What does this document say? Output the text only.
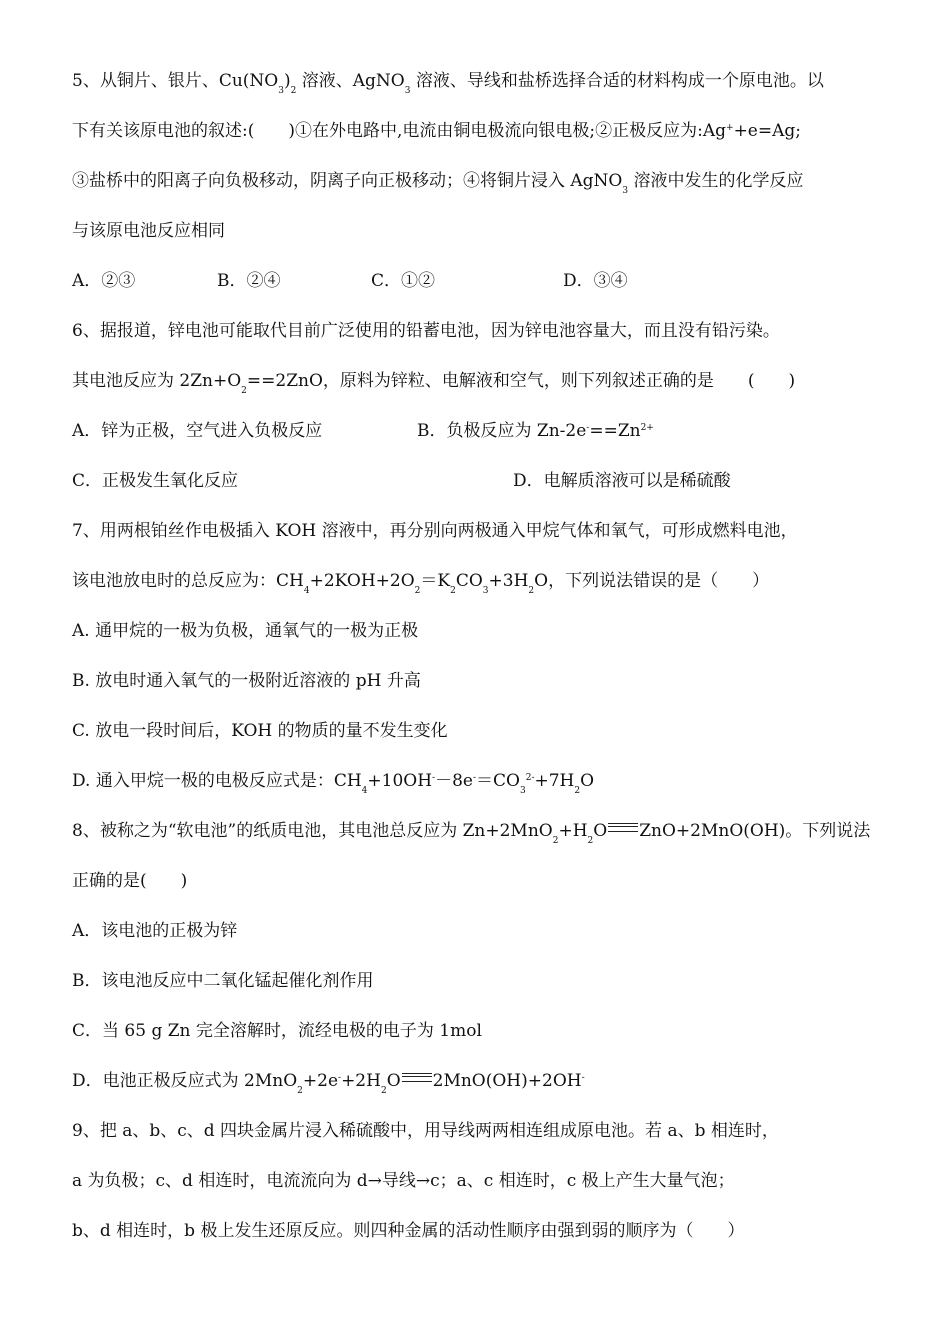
5、从铜片、银片、$Cu(NO_3)_2$ 溶液、AgNO$_3$ 溶液、导线和盐桥选择合适的材料构成一个原电池。以
下有关该原电池的叙述:(　　)①在外电路中,电流由铜电极流向银电极;②正极反应为:Ag++e=Ag;
③盐桥中的阳离子向负极移动，阴离子向正极移动；④将铜片浸入 AgNO$_3$ 溶液中发生的化学反应
与该原电池反应相同
A．②③	B．②④	C．①②	D．③④
6、据报道，锌电池可能取代目前广泛使用的铅蓄电池，因为锌电池容量大，而且没有铅污染。
其电池反应为 $2Zn+O_2==2ZnO$，原料为锌粒、电解液和空气，则下列叙述正确的是　　(　　)
A．锌为正极，空气进入负极反应	B．负极反应为 $Zn-2e^-==Zn^{2+}$
C．正极发生氧化反应	D．电解质溶液可以是稀硫酸
7、用两根铂丝作电极插入 KOH 溶液中，再分别向两极通入甲烷气体和氧气，可形成燃料电池，
该电池放电时的总反应为：$CH_4+2KOH+2O_2=K_2CO_3+3H_2O$，下列说法错误的是（　　）
A. 通甲烷的一极为负极，通氧气的一极为正极
B. 放电时通入氧气的一极附近溶液的 pH 升高
C. 放电一段时间后，KOH 的物质的量不发生变化
D. 通入甲烷一极的电极反应式是：$CH_4+10OH^--8e^-=CO_3^{2-}+7H_2O$
8、被称之为“软电池”的纸质电池，其电池总反应为 $Zn+2MnO_2+H_2O$ ZnO+2MnO(OH)。下列说法
正确的是(　　)
A．该电池的正极为锌
B．该电池反应中二氧化锰起催化剂作用
C．当 65 g Zn 完全溶解时，流经电极的电子为 1mol
D．电池正极反应式为 $2MnO_2+2e^-+2H_2O$ 2MnO(OH)+2OH-
9、把 a、b、c、d 四块金属片浸入稀硫酸中，用导线两两相连组成原电池。若 a、b 相连时，
a 为负极；c、d 相连时，电流流向为 d→导线→c；a、c 相连时，c 极上产生大量气泡；
b、d 相连时，b 极上发生还原反应。则四种金属的活动性顺序由强到弱的顺序为（　　）
